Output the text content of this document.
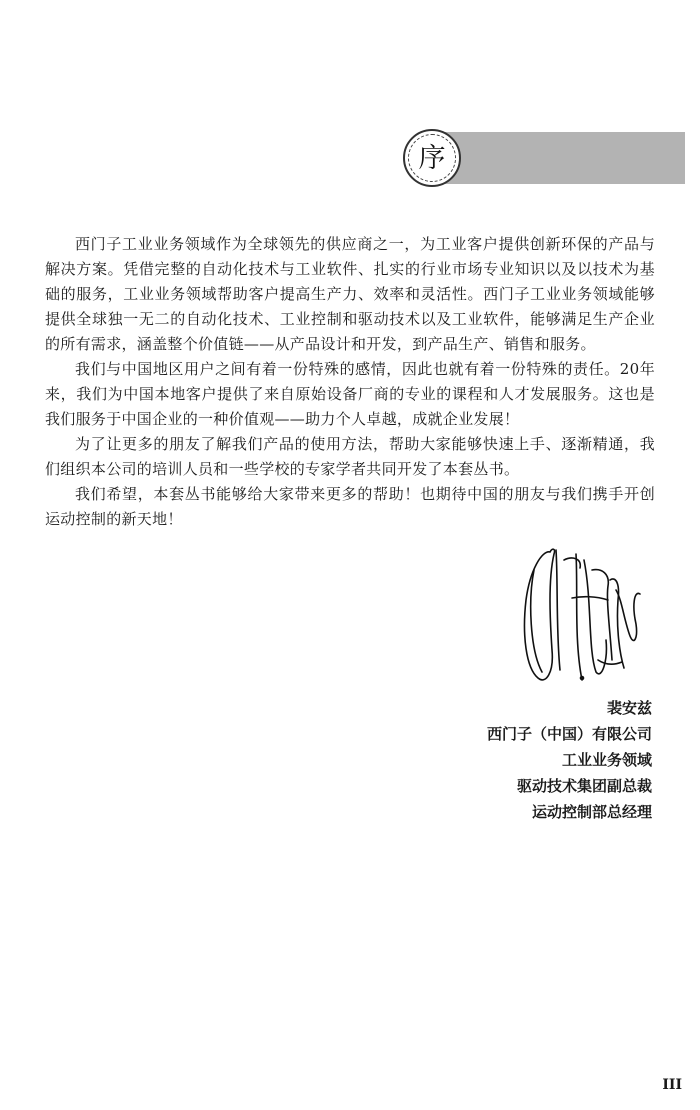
序

西门子工业业务领域作为全球领先的供应商之一，为工业客户提供创新环保的产品与解决方案。凭借完整的自动化技术与工业软件、扎实的行业市场专业知识以及以技术为基础的服务，工业业务领域帮助客户提高生产力、效率和灵活性。西门子工业业务领域能够提供全球独一无二的自动化技术、工业控制和驱动技术以及工业软件，能够满足生产企业的所有需求，涵盖整个价值链——从产品设计和开发，到产品生产、销售和服务。

我们与中国地区用户之间有着一份特殊的感情，因此也就有着一份特殊的责任。20年来，我们为中国本地客户提供了来自原始设备厂商的专业的课程和人才发展服务。这也是我们服务于中国企业的一种价值观——助力个人卓越，成就企业发展！

为了让更多的朋友了解我们产品的使用方法，帮助大家能够快速上手、逐渐精通，我们组织本公司的培训人员和一些学校的专家学者共同开发了本套丛书。

我们希望，本套丛书能够给大家带来更多的帮助！也期待中国的朋友与我们携手开创运动控制的新天地！

裴安兹
西门子（中国）有限公司
工业业务领域
驱动技术集团副总裁
运动控制部总经理
III
